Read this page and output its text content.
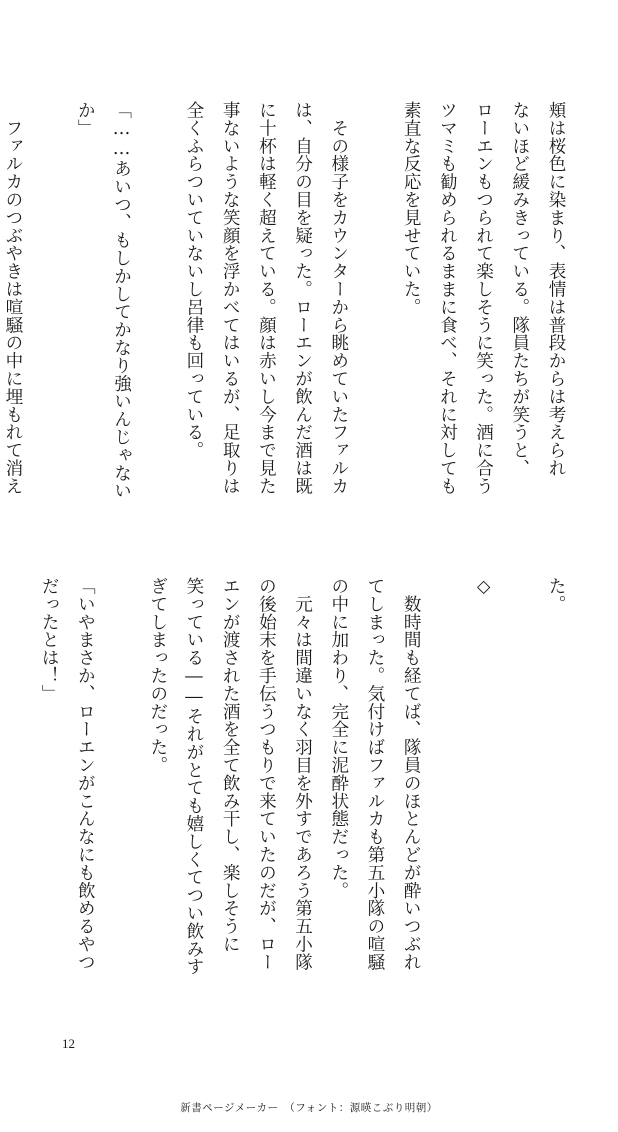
頬は桜色に染まり、表情は普段からは考えられ
ないほど緩みきっている。隊員たちが笑うと、
ローエンもつられて楽しそうに笑った。酒に合う
ツマミも勧められるままに食べ、それに対しても
素直な反応を見せていた。

　その様子をカウンターから眺めていたファルカ
は、自分の目を疑った。ローエンが飲んだ酒は既
に十杯は軽く超えている。顔は赤いし今まで見た
事ないような笑顔を浮かべてはいるが、足取りは
全くふらついていないし呂律も回っている。

「……あいつ、もしかしてかなり強いんじゃない
か」

　ファルカのつぶやきは喧騒の中に埋もれて消え

た。

◇

　数時間も経てば、隊員のほとんどが酔いつぶれ
てしまった。気付けばファルカも第五小隊の喧騒
の中に加わり、完全に泥酔状態だった。
　元々は間違いなく羽目を外すであろう第五小隊
の後始末を手伝うつもりで来ていたのだが、ロー
エンが渡された酒を全て飲み干し、楽しそうに
笑っている――それがとても嬉しくてつい飲みす
ぎてしまったのだった。

「いやまさか、ローエンがこんなにも飲めるやつ
だったとは！」

12
新書ページメーカー　（フォント：源暎こぶり明朝）
